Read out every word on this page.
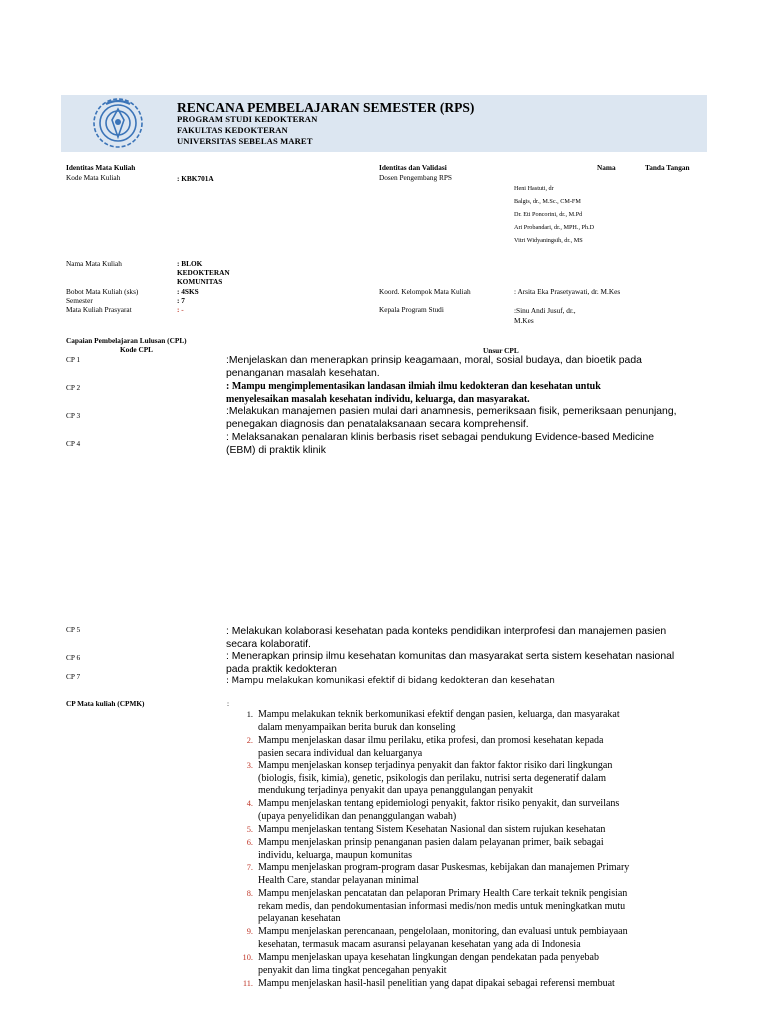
RENCANA PEMBELAJARAN SEMESTER (RPS)
PROGRAM STUDI KEDOKTERAN
FAKULTAS KEDOKTERAN
UNIVERSITAS SEBELAS MARET
Identitas Mata Kuliah
Kode Mata Kuliah	: KBK701A
Nama Mata Kuliah	: BLOK
KEDOKTERAN
KOMUNITAS
Bobot Mata Kuliah (sks)	: 4SKS
Semester	: 7
Mata Kuliah Prasyarat	: -
Identitas dan Validasi	Nama	Tanda Tangan
Dosen Pengembang RPS
Heni Hastuti, dr
Balgis, dr., M.Sc., CM-FM
Dr. Eti Poncorini, dr., M.Pd
Ari Probandari, dr., MPH., Ph.D
Vitri Widyaningsih, dr., MS
Koord. Kelompok Mata Kuliah	: Arsita Eka Prasetyawati, dr. M.Kes
Kepala Program Studi	:Sinu Andi Jusuf, dr.,
M.Kes
Capaian Pembelajaran Lulusan (CPL)
Kode CPL	Unsur CPL
CP 1	:Menjelaskan dan menerapkan prinsip keagamaan, moral, sosial budaya, dan bioetik pada
penanganan masalah kesehatan.
CP 2	: Mampu mengimplementasikan landasan ilmiah ilmu kedokteran dan kesehatan untuk
menyelesaikan masalah kesehatan individu, keluarga, dan masyarakat.
CP 3	:Melakukan manajemen pasien mulai dari anamnesis, pemeriksaan fisik, pemeriksaan penunjang,
penegakan diagnosis dan penatalaksanaan secara komprehensif.
CP 4
: Melaksanakan penalaran klinis berbasis riset sebagai pendukung Evidence-based Medicine
(EBM) di praktik klinik
CP 5	: Melakukan kolaborasi kesehatan pada konteks pendidikan interprofesi dan manajemen pasien
secara kolaboratif.
CP 6	: Menerapkan prinsip ilmu kesehatan komunitas dan masyarakat serta sistem kesehatan nasional
pada praktik kedokteran
CP 7	: Mampu melakukan komunikasi efektif di bidang kedokteran dan kesehatan
CP Mata kuliah (CPMK)	:
1. Mampu melakukan teknik berkomunikasi efektif dengan pasien, keluarga, dan masyarakat
dalam menyampaikan berita buruk dan konseling
2. Mampu menjelaskan dasar ilmu perilaku, etika profesi, dan promosi kesehatan kepada
pasien secara individual dan keluarganya
3. Mampu menjelaskan konsep terjadinya penyakit dan faktor faktor risiko dari lingkungan
(biologis, fisik, kimia), genetic, psikologis dan perilaku, nutrisi serta degeneratif dalam
mendukung terjadinya penyakit dan upaya penanggulangan penyakit
4. Mampu menjelaskan tentang epidemiologi penyakit, faktor risiko penyakit, dan surveilans
(upaya penyelidikan dan penanggulangan wabah)
5. Mampu menjelaskan tentang Sistem Kesehatan Nasional dan sistem rujukan kesehatan
6. Mampu menjelaskan prinsip penanganan pasien dalam pelayanan primer, baik sebagai
individu, keluarga, maupun komunitas
7. Mampu menjelaskan program-program dasar Puskesmas, kebijakan dan manajemen Primary
Health Care, standar pelayanan minimal
8. Mampu menjelaskan pencatatan dan pelaporan Primary Health Care terkait teknik pengisian
rekam medis, dan pendokumentasian informasi medis/non medis untuk meningkatkan mutu
pelayanan kesehatan
9. Mampu menjelaskan perencanaan, pengelolaan, monitoring, dan evaluasi untuk pembiayaan
kesehatan, termasuk macam asuransi pelayanan kesehatan yang ada di Indonesia
10. Mampu menjelaskan upaya kesehatan lingkungan dengan pendekatan pada penyebab
penyakit dan lima tingkat pencegahan penyakit
11. Mampu menjelaskan hasil-hasil penelitian yang dapat dipakai sebagai referensi membuat
